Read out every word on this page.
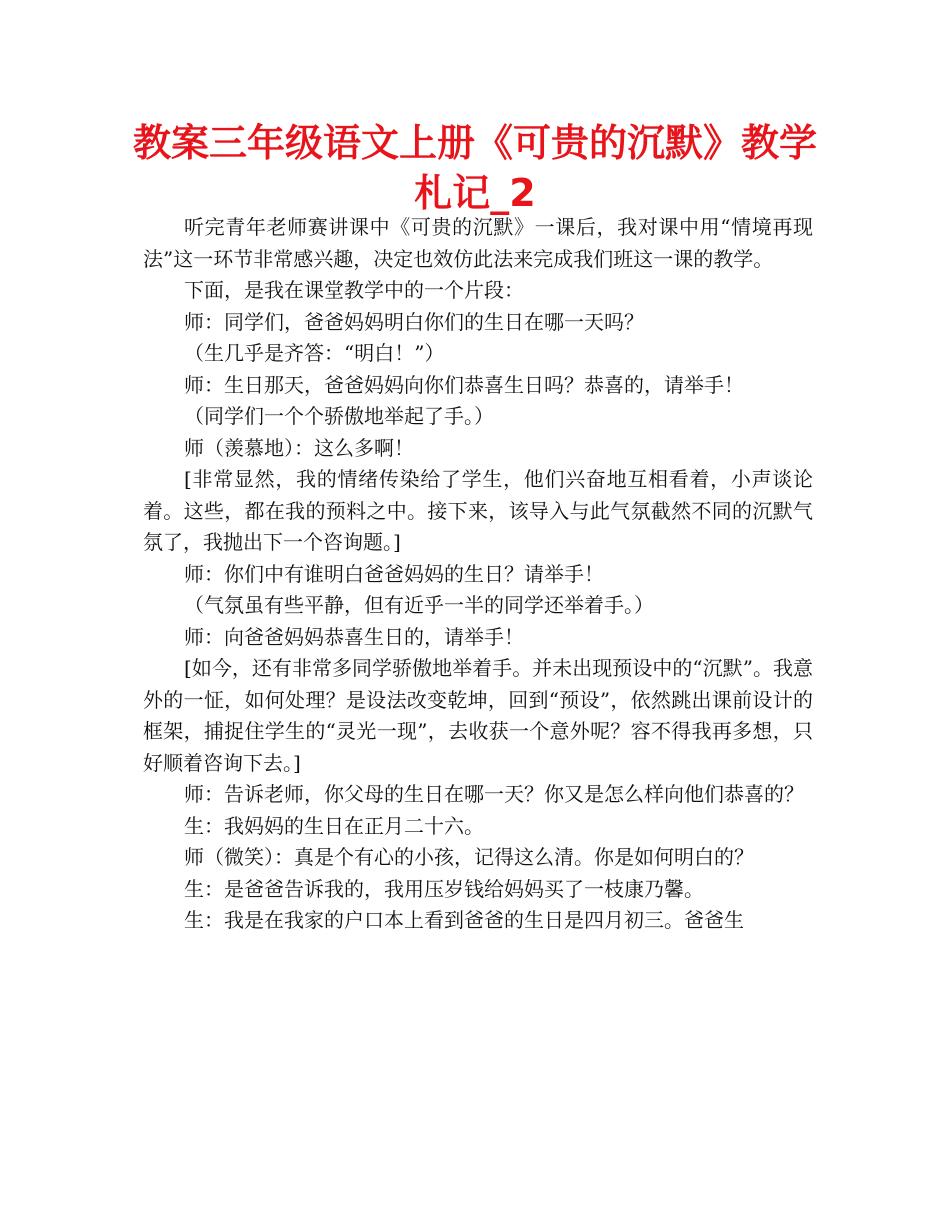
教案三年级语文上册《可贵的沉默》教学札记_2

听完青年老师赛讲课中《可贵的沉默》一课后，我对课中用“情境再现法”这一环节非常感兴趣，决定也效仿此法来完成我们班这一课的教学。

下面，是我在课堂教学中的一个片段：

师：同学们，爸爸妈妈明白你们的生日在哪一天吗？

（生几乎是齐答：“明白！”）

师：生日那天，爸爸妈妈向你们恭喜生日吗？恭喜的，请举手！

（同学们一个个骄傲地举起了手。）

师（羡慕地）：这么多啊！

[非常显然，我的情绪传染给了学生，他们兴奋地互相看着，小声谈论着。这些，都在我的预料之中。接下来，该导入与此气氛截然不同的沉默气氛了，我抛出下一个咨询题。]

师：你们中有谁明白爸爸妈妈的生日？请举手！

（气氛虽有些平静，但有近乎一半的同学还举着手。）

师：向爸爸妈妈恭喜生日的，请举手！

[如今，还有非常多同学骄傲地举着手。并未出现预设中的“沉默”。我意外的一怔，如何处理？是设法改变乾坤，回到“预设”，依然跳出课前设计的框架，捕捉住学生的“灵光一现”，去收获一个意外呢？容不得我再多想，只好顺着咨询下去。]

师：告诉老师，你父母的生日在哪一天？你又是怎么样向他们恭喜的？

生：我妈妈的生日在正月二十六。

师（微笑）：真是个有心的小孩，记得这么清。你是如何明白的？

生：是爸爸告诉我的，我用压岁钱给妈妈买了一枝康乃馨。

生：我是在我家的户口本上看到爸爸的生日是四月初三。爸爸生
